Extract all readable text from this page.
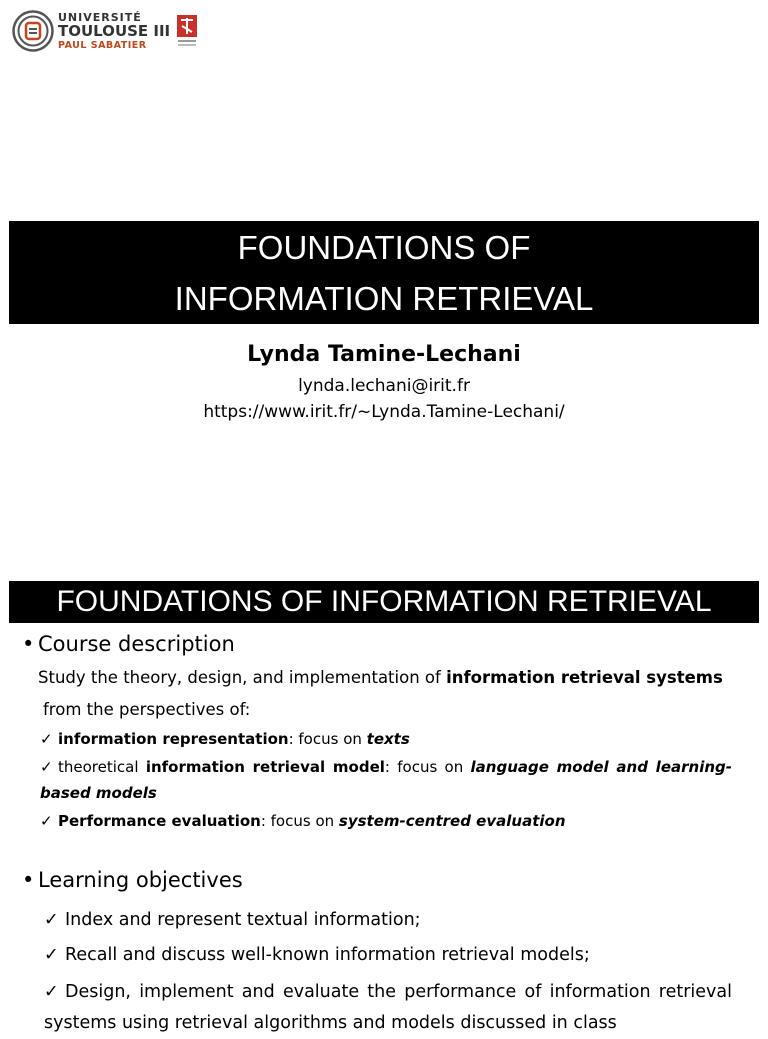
UNIVERSITÉ
TOULOUSE III
PAUL SABATIER
FOUNDATIONS OF
INFORMATION RETRIEVAL
Lynda Tamine-Lechani
lynda.lechani@irit.fr
https://www.irit.fr/~Lynda.Tamine-Lechani/
FOUNDATIONS OF INFORMATION RETRIEVAL
• Course description
Study the theory, design, and implementation of information retrieval systems
from the perspectives of:
✓ information representation: focus on texts
✓ theoretical information retrieval model: focus on language model and learning-based models
✓ Performance evaluation: focus on system-centred evaluation
• Learning objectives
✓ Index and represent textual information;
✓ Recall and discuss well-known information retrieval models;
✓ Design, implement and evaluate the performance of information retrieval systems using retrieval algorithms and models discussed in class
